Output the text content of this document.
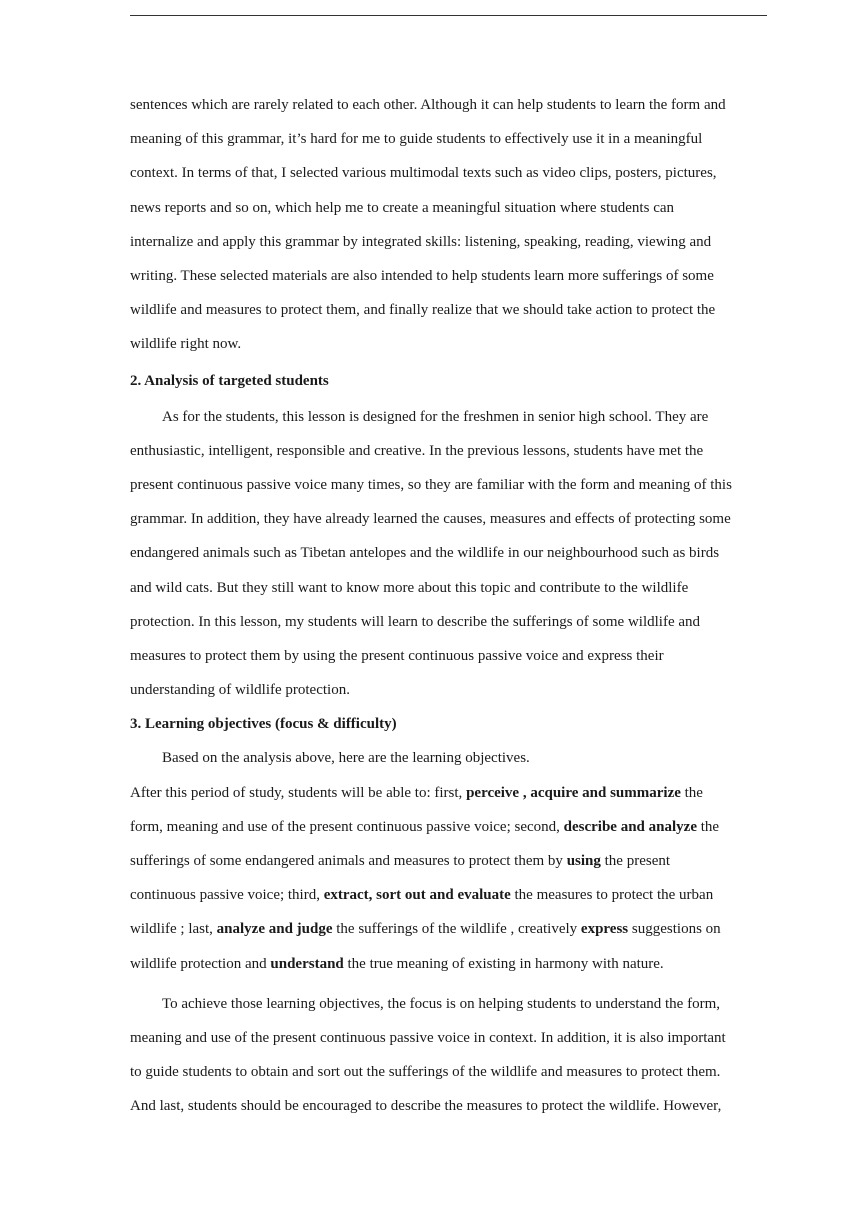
sentences which are rarely related to each other. Although it can help students to learn the form and
meaning of this grammar, it’s hard for me to guide students to effectively use it in a meaningful
context. In terms of that, I selected various multimodal texts such as video clips, posters, pictures,
news reports and so on, which help me to create a meaningful situation where students can
internalize and apply this grammar by integrated skills: listening, speaking, reading, viewing and
writing. These selected materials are also intended to help students learn more sufferings of some
wildlife and measures to protect them, and finally realize that we should take action to protect the
wildlife right now.

2. Analysis of targeted students

As for the students, this lesson is designed for the freshmen in senior high school. They are
enthusiastic, intelligent, responsible and creative. In the previous lessons, students have met the
present continuous passive voice many times, so they are familiar with the form and meaning of this
grammar. In addition, they have already learned the causes, measures and effects of protecting some
endangered animals such as Tibetan antelopes and the wildlife in our neighbourhood such as birds
and wild cats. But they still want to know more about this topic and contribute to the wildlife
protection. In this lesson, my students will learn to describe the sufferings of some wildlife and
measures to protect them by using the present continuous passive voice and express their
understanding of wildlife protection.

3. Learning objectives (focus & difficulty)

Based on the analysis above, here are the learning objectives.

After this period of study, students will be able to: first, perceive , acquire and summarize the
form, meaning and use of the present continuous passive voice; second, describe and analyze the
sufferings of some endangered animals and measures to protect them by using the present
continuous passive voice; third, extract, sort out and evaluate the measures to protect the urban
wildlife ; last, analyze and judge the sufferings of the wildlife , creatively express suggestions on
wildlife protection and understand the true meaning of existing in harmony with nature.

To achieve those learning objectives, the focus is on helping students to understand the form,
meaning and use of the present continuous passive voice in context. In addition, it is also important
to guide students to obtain and sort out the sufferings of the wildlife and measures to protect them.
And last, students should be encouraged to describe the measures to protect the wildlife. However,
